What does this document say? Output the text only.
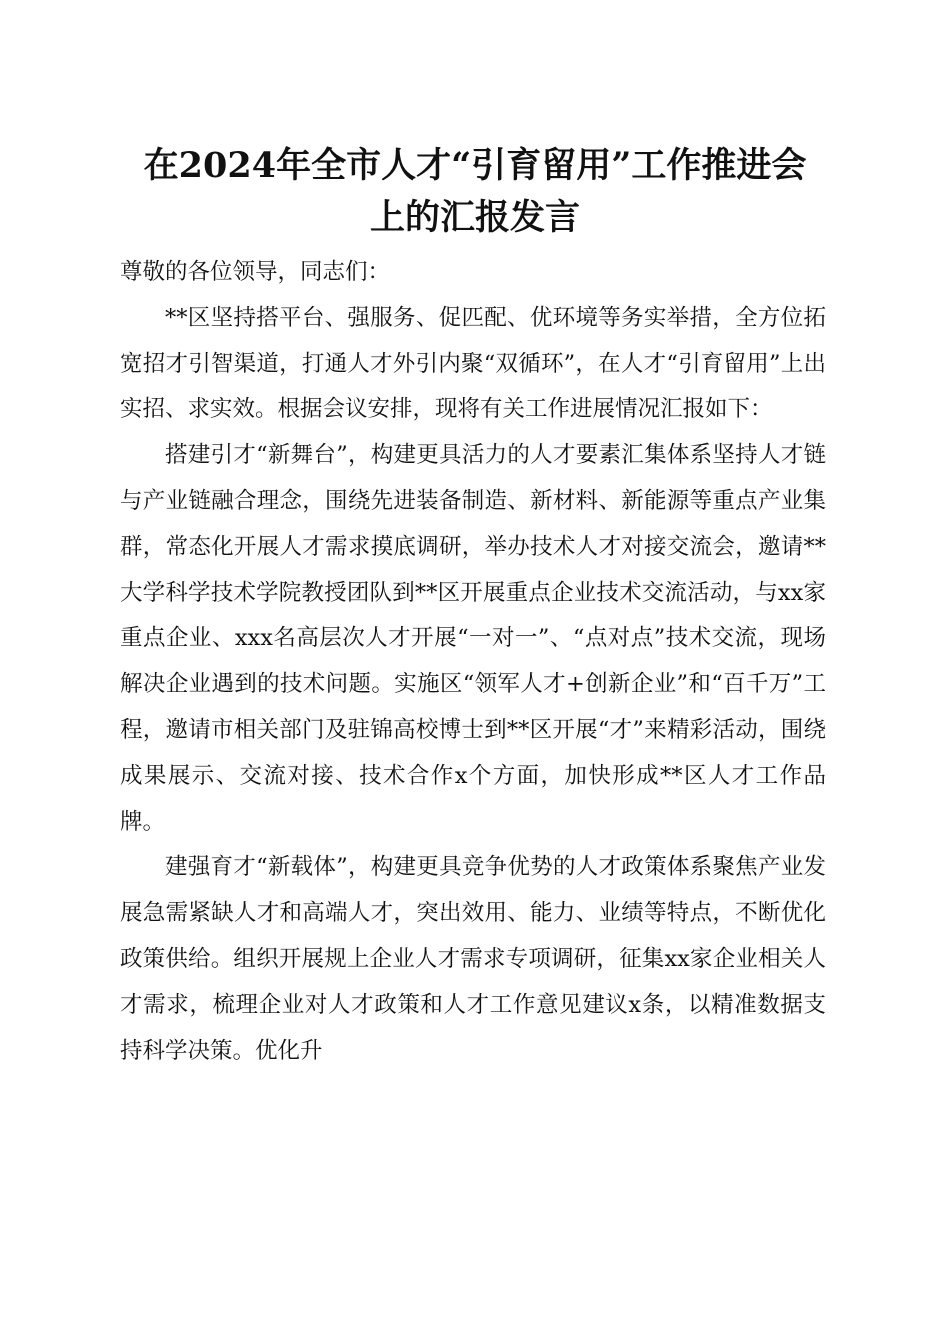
在2024年全市人才“引育留用”工作推进会
上的汇报发言

尊敬的各位领导，同志们：

**区坚持搭平台、强服务、促匹配、优环境等务实举措，全方位拓宽招才引智渠道，打通人才外引内聚“双循环”，在人才“引育留用”上出实招、求实效。根据会议安排，现将有关工作进展情况汇报如下：

搭建引才“新舞台”，构建更具活力的人才要素汇集体系坚持人才链与产业链融合理念，围绕先进装备制造、新材料、新能源等重点产业集群，常态化开展人才需求摸底调研，举办技术人才对接交流会，邀请**大学科学技术学院教授团队到**区开展重点企业技术交流活动，与xx家重点企业、xxx名高层次人才开展“一对一”、“点对点”技术交流，现场解决企业遇到的技术问题。实施区“领军人才+创新企业”和“百千万”工程，邀请市相关部门及驻锦高校博士到**区开展“才”来精彩活动，围绕成果展示、交流对接、技术合作x个方面，加快形成**区人才工作品牌。

建强育才“新载体”，构建更具竞争优势的人才政策体系聚焦产业发展急需紧缺人才和高端人才，突出效用、能力、业绩等特点，不断优化政策供给。组织开展规上企业人才需求专项调研，征集xx家企业相关人才需求，梳理企业对人才政策和人才工作意见建议x条，以精准数据支持科学决策。优化升
